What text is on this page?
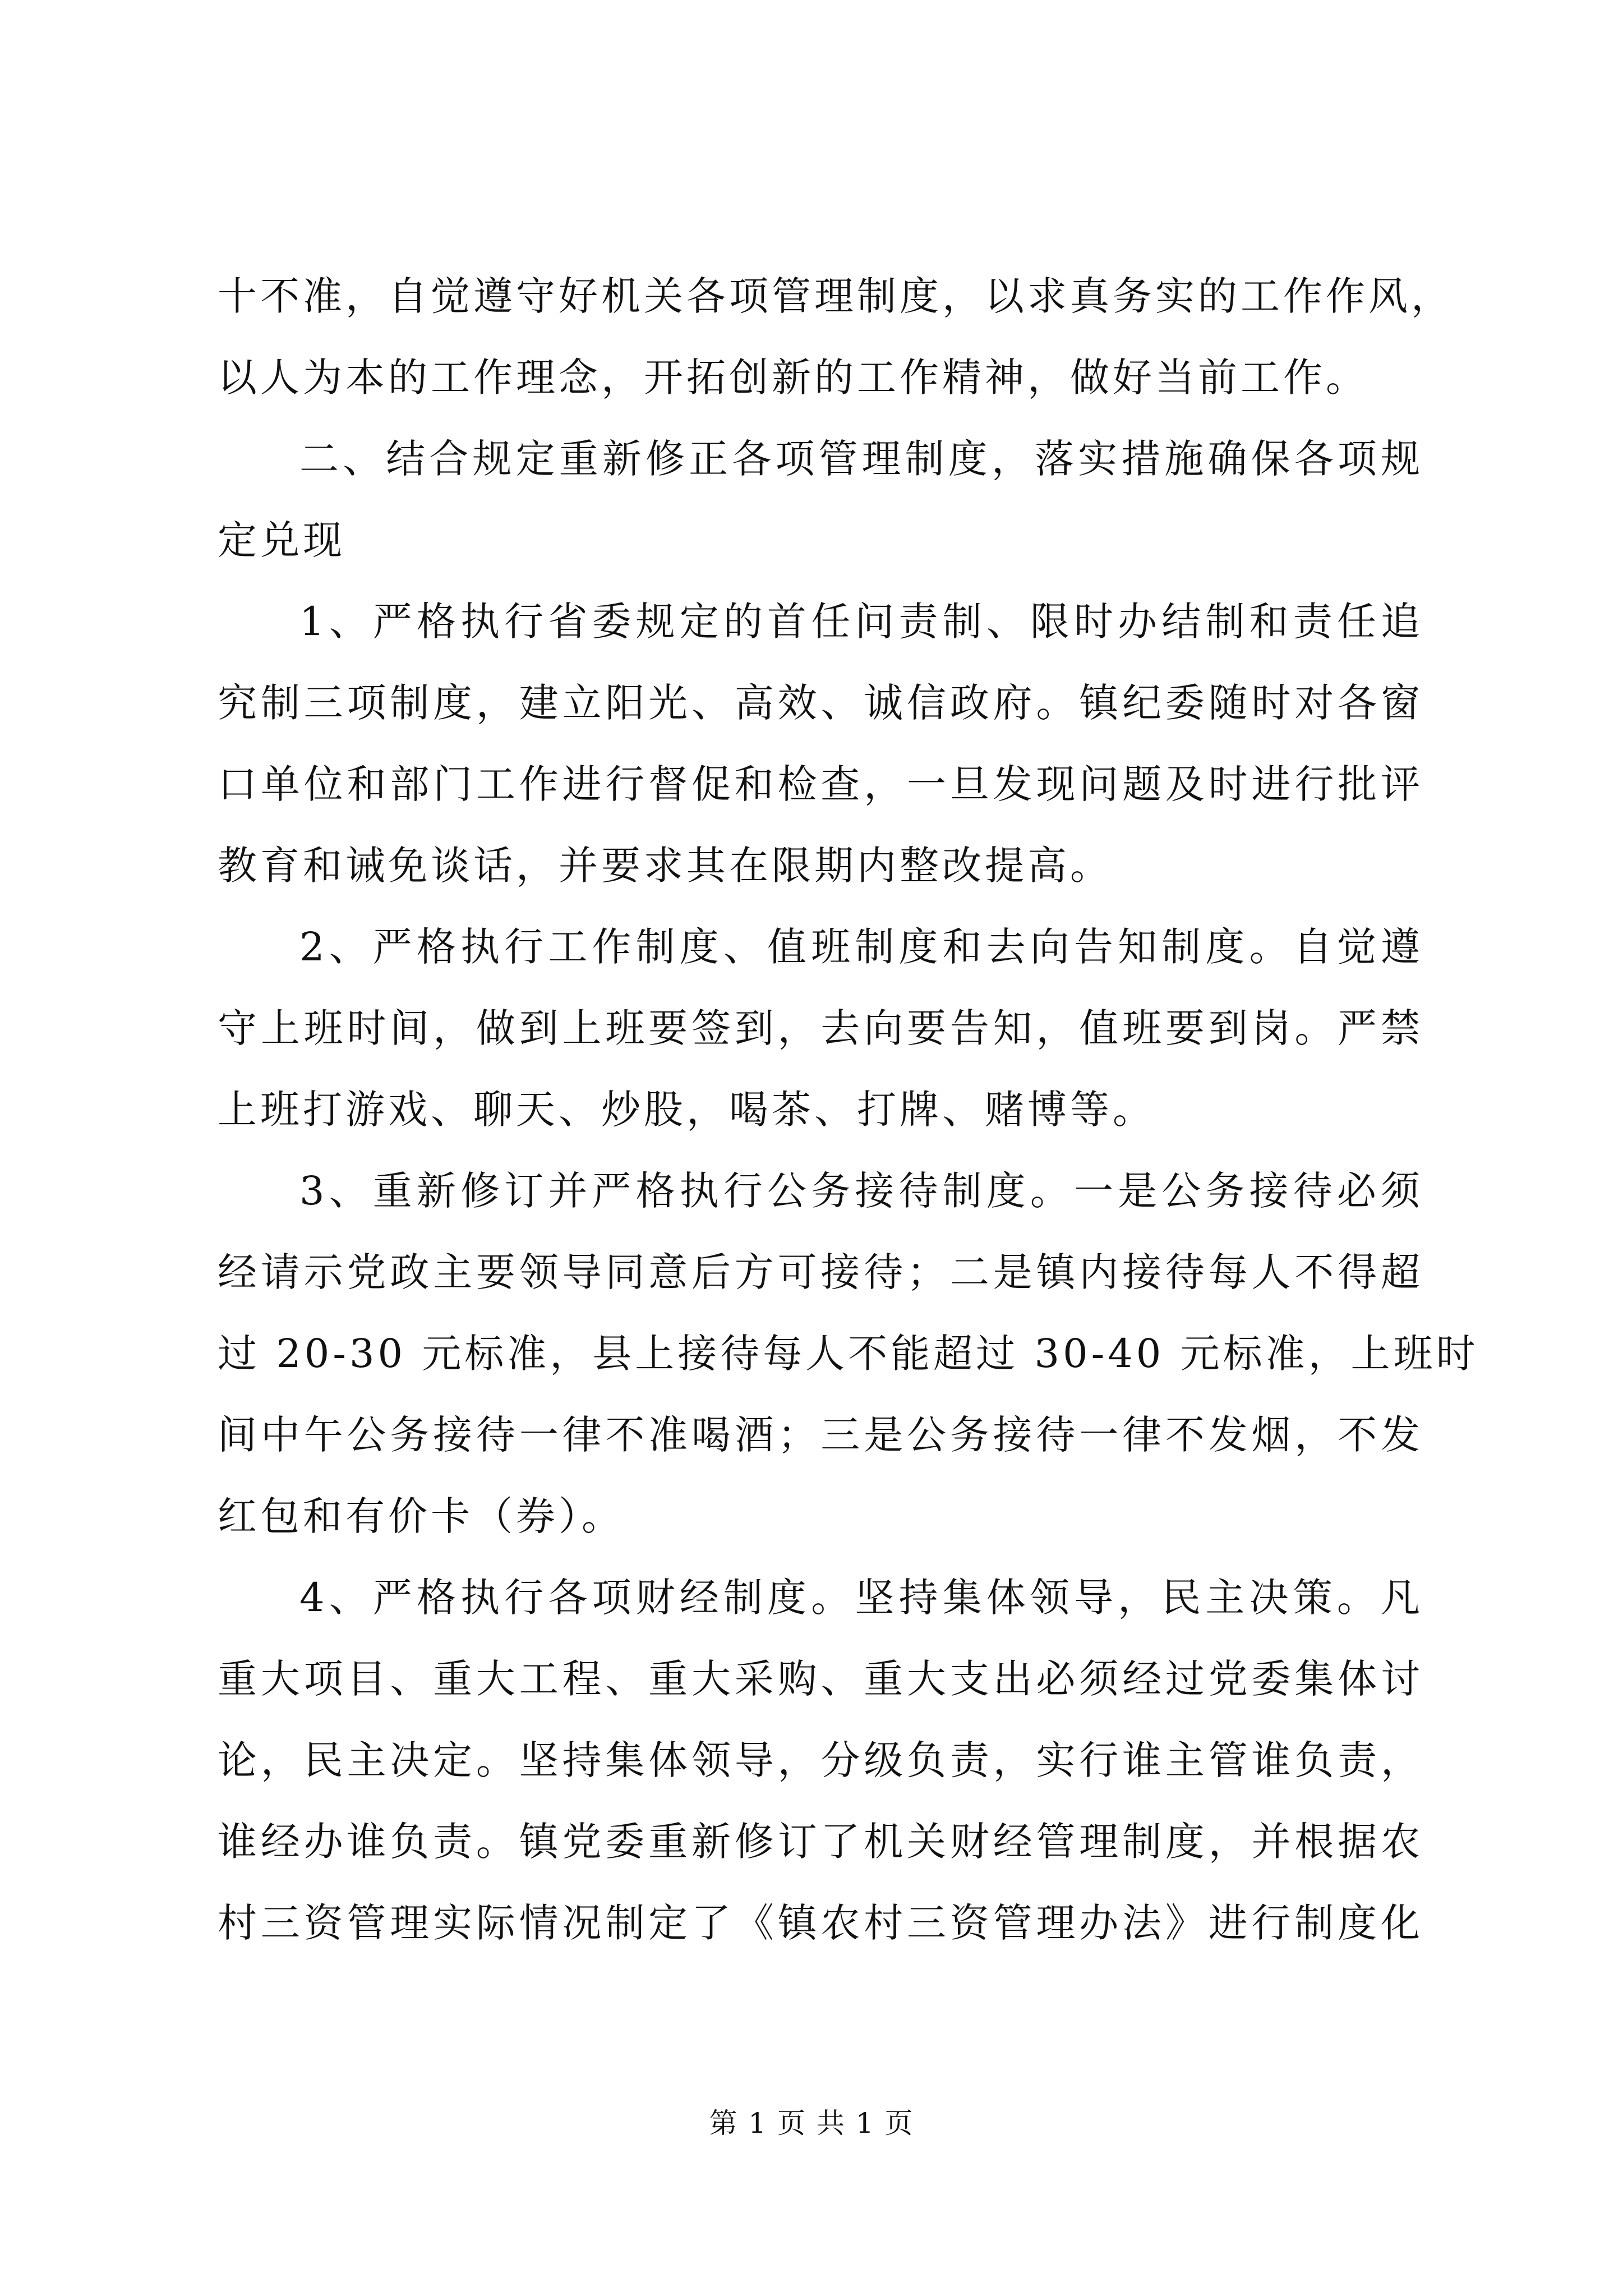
十不准，自觉遵守好机关各项管理制度，以求真务实的工作作风，
以人为本的工作理念，开拓创新的工作精神，做好当前工作。
二、结合规定重新修正各项管理制度，落实措施确保各项规
定兑现
1、严格执行省委规定的首任问责制、限时办结制和责任追
究制三项制度，建立阳光、高效、诚信政府。镇纪委随时对各窗
口单位和部门工作进行督促和检查，一旦发现问题及时进行批评
教育和诫免谈话，并要求其在限期内整改提高。
2、严格执行工作制度、值班制度和去向告知制度。自觉遵
守上班时间，做到上班要签到，去向要告知，值班要到岗。严禁
上班打游戏、聊天、炒股，喝茶、打牌、赌博等。
3、重新修订并严格执行公务接待制度。一是公务接待必须
经请示党政主要领导同意后方可接待；二是镇内接待每人不得超
过 20-30 元标准，县上接待每人不能超过 30-40 元标准，上班时
间中午公务接待一律不准喝酒；三是公务接待一律不发烟，不发
红包和有价卡（券）。
4、严格执行各项财经制度。坚持集体领导，民主决策。凡
重大项目、重大工程、重大采购、重大支出必须经过党委集体讨
论，民主决定。坚持集体领导，分级负责，实行谁主管谁负责，
谁经办谁负责。镇党委重新修订了机关财经管理制度，并根据农
村三资管理实际情况制定了《镇农村三资管理办法》进行制度化
第 1 页 共 1 页
